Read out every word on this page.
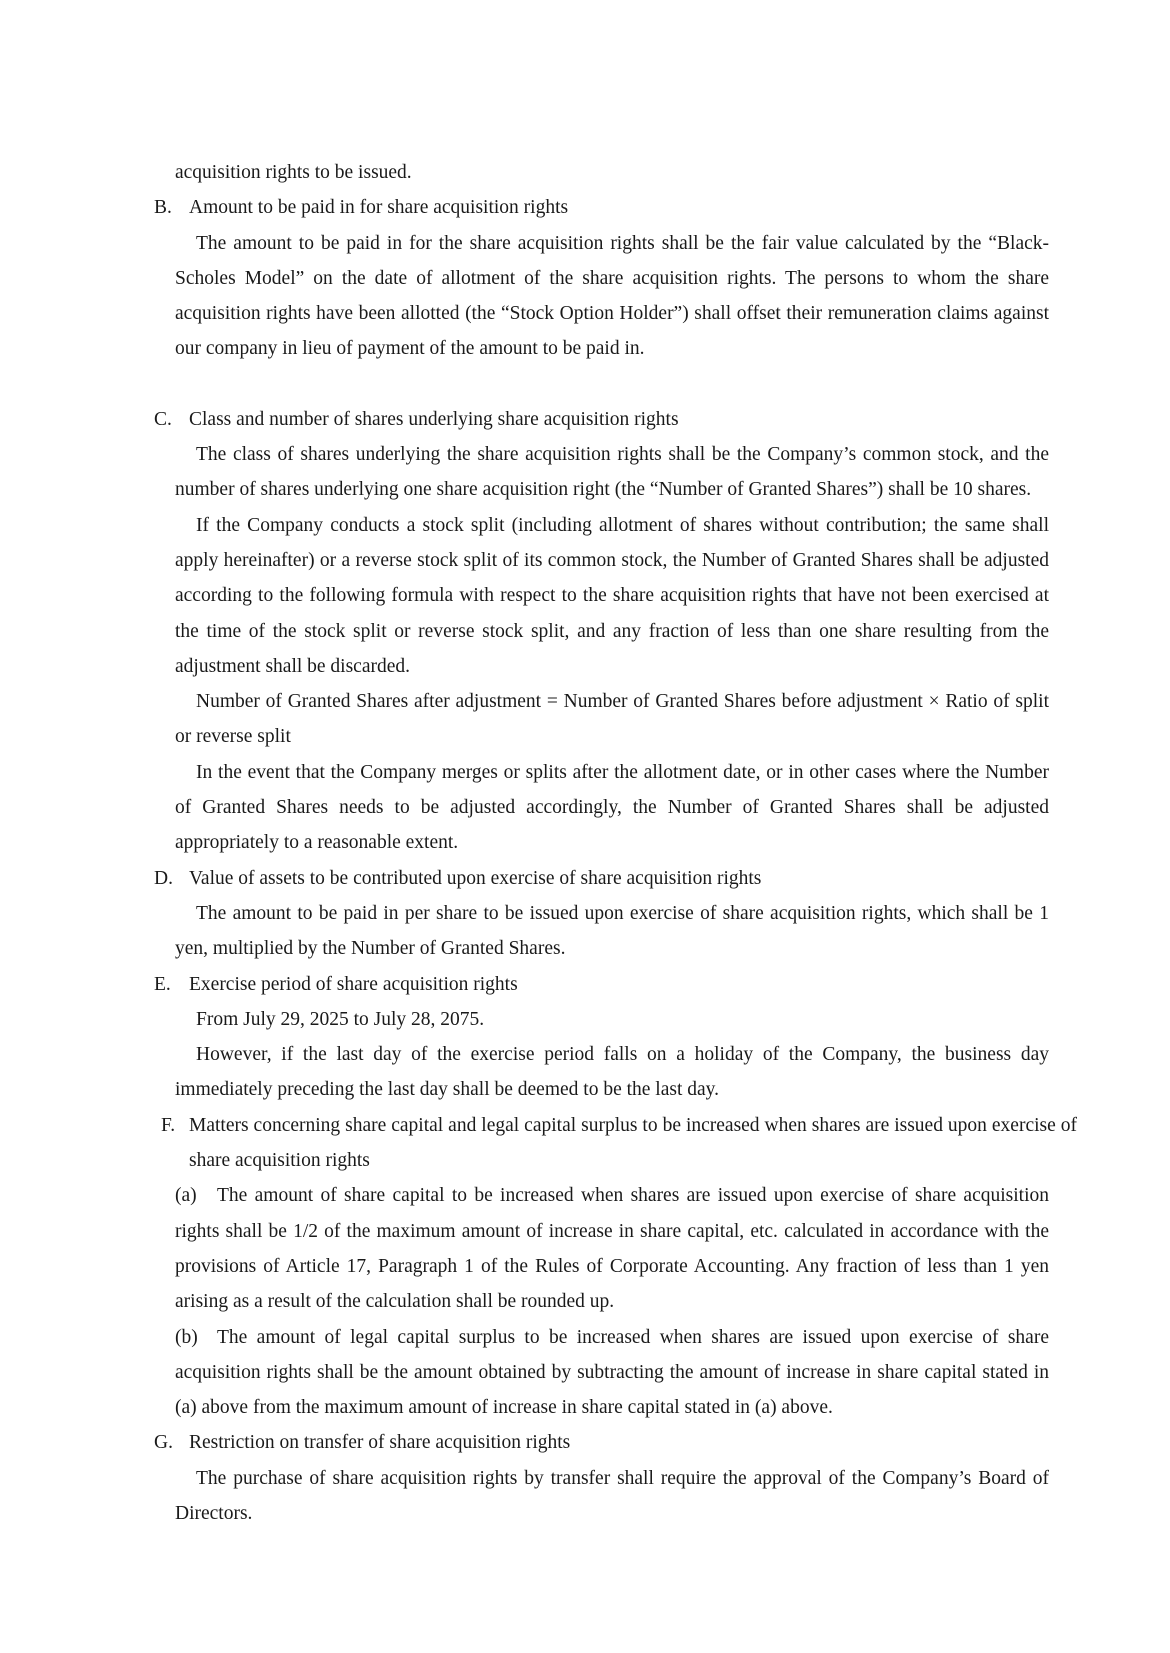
acquisition rights to be issued.

B. Amount to be paid in for share acquisition rights

The amount to be paid in for the share acquisition rights shall be the fair value calculated by the “Black-Scholes Model” on the date of allotment of the share acquisition rights. The persons to whom the share acquisition rights have been allotted (the “Stock Option Holder”) shall offset their remuneration claims against our company in lieu of payment of the amount to be paid in.

C. Class and number of shares underlying share acquisition rights

The class of shares underlying the share acquisition rights shall be the Company’s common stock, and the number of shares underlying one share acquisition right (the “Number of Granted Shares”) shall be 10 shares.

If the Company conducts a stock split (including allotment of shares without contribution; the same shall apply hereinafter) or a reverse stock split of its common stock, the Number of Granted Shares shall be adjusted according to the following formula with respect to the share acquisition rights that have not been exercised at the time of the stock split or reverse stock split, and any fraction of less than one share resulting from the adjustment shall be discarded.

Number of Granted Shares after adjustment = Number of Granted Shares before adjustment × Ratio of split or reverse split

In the event that the Company merges or splits after the allotment date, or in other cases where the Number of Granted Shares needs to be adjusted accordingly, the Number of Granted Shares shall be adjusted appropriately to a reasonable extent.

D. Value of assets to be contributed upon exercise of share acquisition rights

The amount to be paid in per share to be issued upon exercise of share acquisition rights, which shall be 1 yen, multiplied by the Number of Granted Shares.

E. Exercise period of share acquisition rights

From July 29, 2025 to July 28, 2075.

However, if the last day of the exercise period falls on a holiday of the Company, the business day immediately preceding the last day shall be deemed to be the last day.

F. Matters concerning share capital and legal capital surplus to be increased when shares are issued upon exercise of share acquisition rights

(a) The amount of share capital to be increased when shares are issued upon exercise of share acquisition rights shall be 1/2 of the maximum amount of increase in share capital, etc. calculated in accordance with the provisions of Article 17, Paragraph 1 of the Rules of Corporate Accounting. Any fraction of less than 1 yen arising as a result of the calculation shall be rounded up.

(b) The amount of legal capital surplus to be increased when shares are issued upon exercise of share acquisition rights shall be the amount obtained by subtracting the amount of increase in share capital stated in (a) above from the maximum amount of increase in share capital stated in (a) above.

G. Restriction on transfer of share acquisition rights

The purchase of share acquisition rights by transfer shall require the approval of the Company’s Board of Directors.
